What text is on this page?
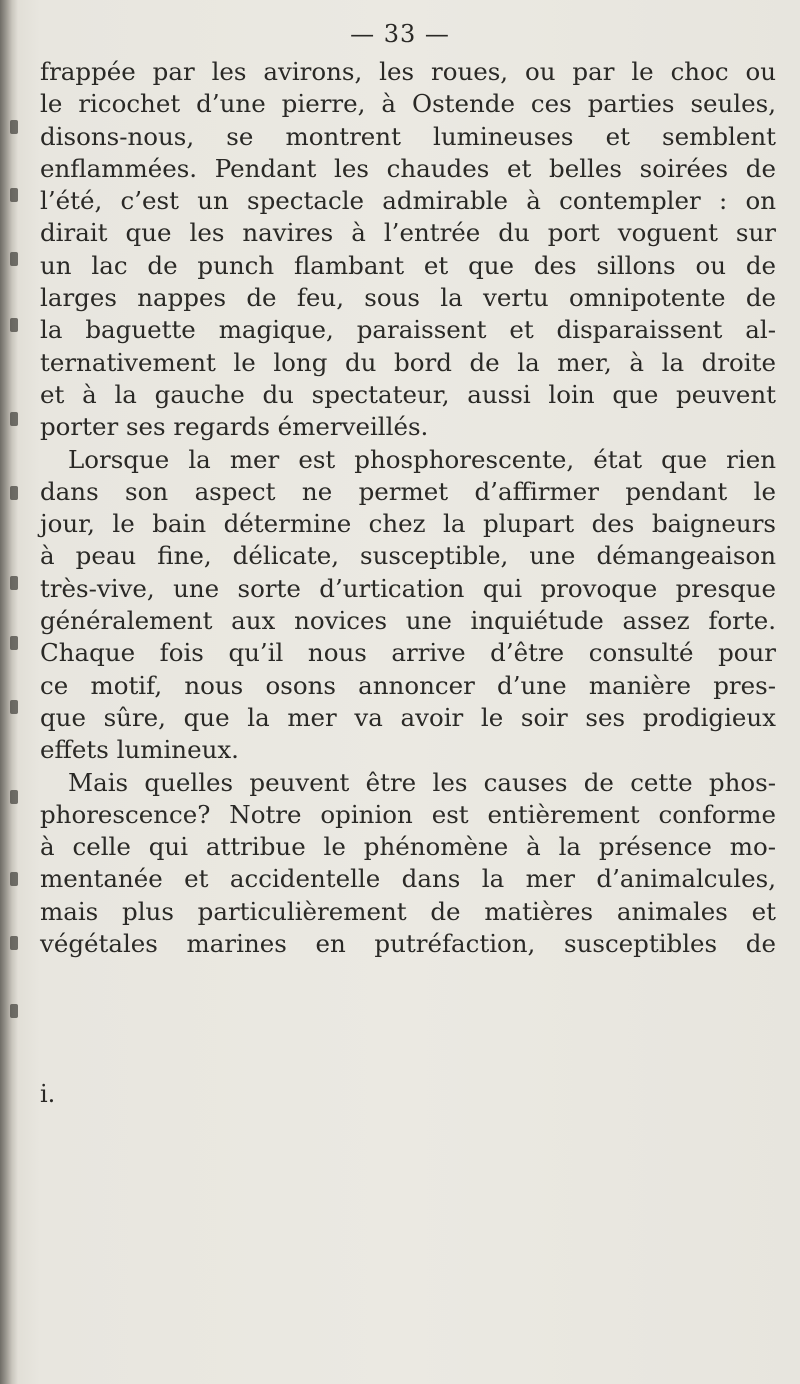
— 33 —

frappée par les avirons, les roues, ou par le choc ou
le ricochet d’une pierre, à Ostende ces parties seules,
disons-nous, se montrent lumineuses et semblent
enflammées. Pendant les chaudes et belles soirées de
l’été, c’est un spectacle admirable à contempler : on
dirait que les navires à l’entrée du port voguent sur
un lac de punch flambant et que des sillons ou de
larges nappes de feu, sous la vertu omnipotente de
la baguette magique, paraissent et disparaissent al-
ternativement le long du bord de la mer, à la droite
et à la gauche du spectateur, aussi loin que peuvent
porter ses regards émerveillés.
Lorsque la mer est phosphorescente, état que rien
dans son aspect ne permet d’affirmer pendant le
jour, le bain détermine chez la plupart des baigneurs
à peau fine, délicate, susceptible, une démangeaison
très-vive, une sorte d’urtication qui provoque presque
généralement aux novices une inquiétude assez forte.
Chaque fois qu’il nous arrive d’être consulté pour
ce motif, nous osons annoncer d’une manière pres-
que sûre, que la mer va avoir le soir ses prodigieux
effets lumineux.
Mais quelles peuvent être les causes de cette phos-
phorescence? Notre opinion est entièrement conforme
à celle qui attribue le phénomène à la présence mo-
mentanée et accidentelle dans la mer d’animalcules,
mais plus particulièrement de matières animales et
végétales marines en putréfaction, susceptibles de

i.
